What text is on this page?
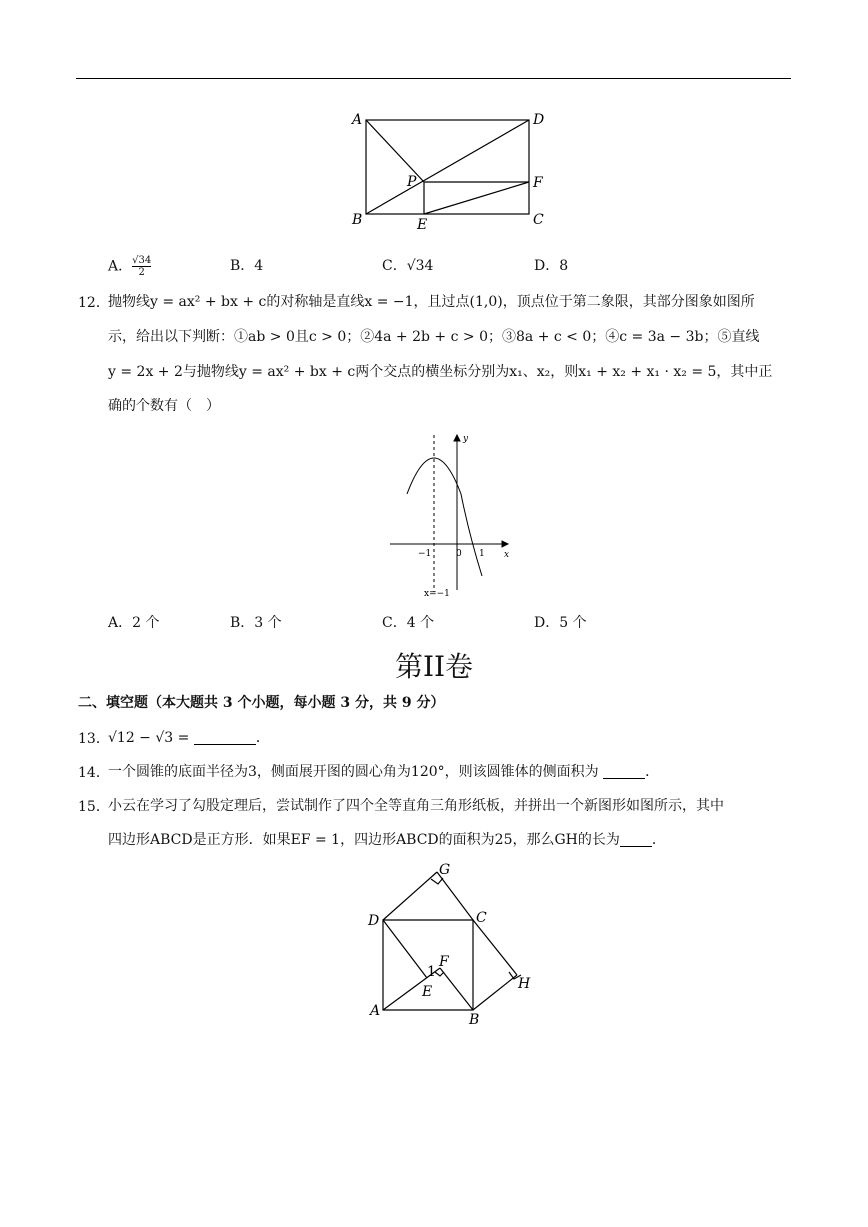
A	D
P	F
B	E	C
A． $\frac{√34}{2}$	B．4	C．√34	D．8
12．
抛物线y = ax² + bx + c的对称轴是直线x = −1，且过点(1,0)，顶点位于第二象限，其部分图象如图所
示，给出以下判断：①ab > 0且c > 0；②4a + 2b + c > 0；③8a + c < 0；④c = 3a − 3b；⑤直线
y = 2x + 2与抛物线y = ax² + bx + c两个交点的横坐标分别为x₁、x₂，则x₁ + x₂ + x₁ · x₂ = 5，其中正
确的个数有（　）
y
x
−1	0 1
x=−1
A．2 个	B．3 个	C．4 个	D．5 个
第II卷
二、填空题（本大题共 3 个小题，每小题 3 分，共 9 分）
13．
√12 − √3 =	．
14．
一个圆锥的底面半径为3，侧面展开图的圆心角为120°，则该圆锥体的侧面积为	．
15．
小云在学习了勾股定理后，尝试制作了四个全等直角三角形纸板，并拼出一个新图形如图所示，其中
四边形ABCD是正方形．如果EF = 1，四边形ABCD的面积为25，那么GH的长为 ．
G
D	C
F
1
H
E
A
B
